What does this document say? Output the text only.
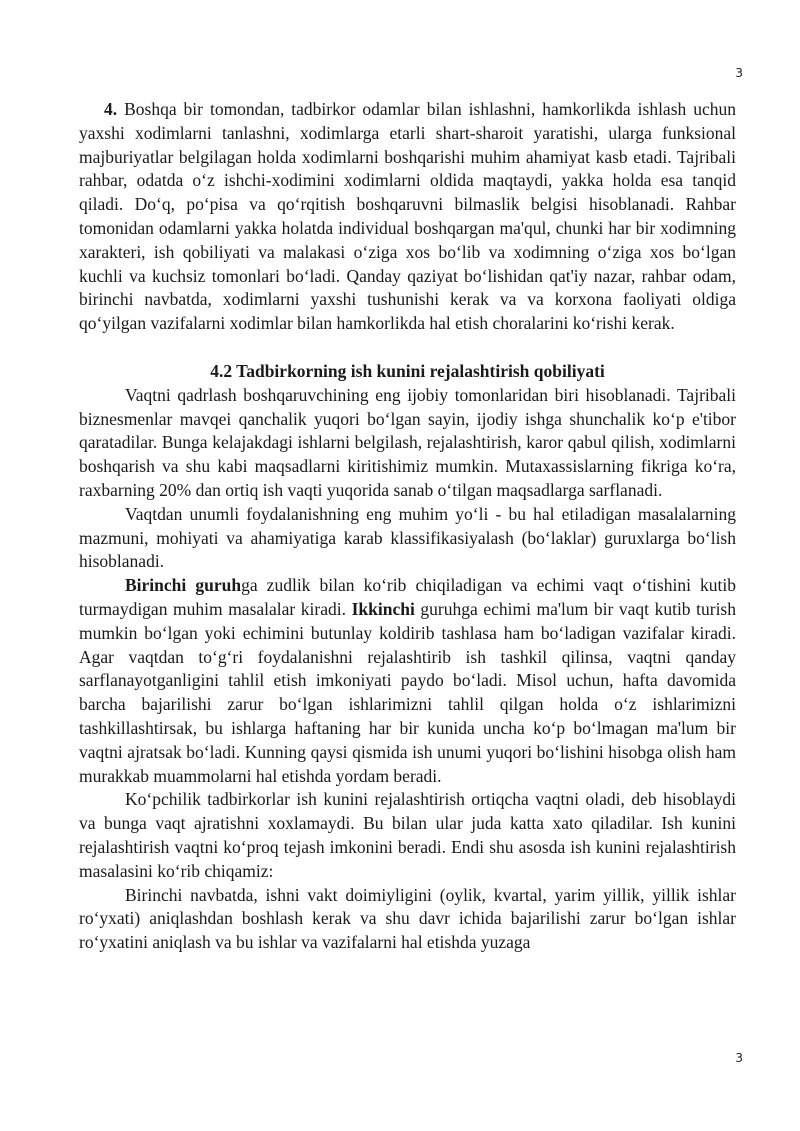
3

4. Boshqa bir tomondan, tadbirkor odamlar bilan ishlashni, hamkorlikda ishlash uchun yaxshi xodimlarni tanlashni, xodimlarga etarli shart-sharoit yaratishi, ularga funksional majburiyatlar belgilagan holda xodimlarni boshqarishi muhim ahamiyat kasb etadi. Tajribali rahbar, odatda oʻz ishchi-xodimini xodimlarni oldida maqtaydi, yakka holda esa tanqid qiladi. Doʻq, poʻpisa va qoʻrqitish boshqaruvni bilmaslik belgisi hisoblanadi. Rahbar tomonidan odamlarni yakka holatda individual boshqargan ma'qul, chunki har bir xodimning xarakteri, ish qobiliyati va malakasi oʻziga xos boʻlib va xodimning oʻziga xos boʻlgan kuchli va kuchsiz tomonlari boʻladi. Qanday qaziyat boʻlishidan qat'iy nazar, rahbar odam, birinchi navbatda, xodimlarni yaxshi tushunishi kerak va va korxona faoliyati oldiga qoʻyilgan vazifalarni xodimlar bilan hamkorlikda hal etish choralarini koʻrishi kerak.

4.2 Tadbirkorning ish kunini rejalashtirish qobiliyati

Vaqtni qadrlash boshqaruvchining eng ijobiy tomonlaridan biri hisoblanadi. Tajribali biznesmenlar mavqei qanchalik yuqori boʻlgan sayin, ijodiy ishga shunchalik koʻp e'tibor qaratadilar. Bunga kelajakdagi ishlarni belgilash, rejalashtirish, karor qabul qilish, xodimlarni boshqarish va shu kabi maqsadlarni kiritishimiz mumkin. Mutaxassislarning fikriga koʻra, raxbarning 20% dan ortiq ish vaqti yuqorida sanab oʻtilgan maqsadlarga sarflanadi.

Vaqtdan unumli foydalanishning eng muhim yoʻli - bu hal etiladigan masalalarning mazmuni, mohiyati va ahamiyatiga karab klassifikasiyalash (boʻlaklar) guruxlarga boʻlish hisoblanadi.

Birinchi guruhga zudlik bilan koʻrib chiqiladigan va echimi vaqt oʻtishini kutib turmaydigan muhim masalalar kiradi. Ikkinchi guruhga echimi ma'lum bir vaqt kutib turish mumkin boʻlgan yoki echimini butunlay koldirib tashlasa ham boʻladigan vazifalar kiradi. Agar vaqtdan toʻgʻri foydalanishni rejalashtirib ish tashkil qilinsa, vaqtni qanday sarflanayotganligini tahlil etish imkoniyati paydo boʻladi. Misol uchun, hafta davomida barcha bajarilishi zarur boʻlgan ishlarimizni tahlil qilgan holda oʻz ishlarimizni tashkillashtirsak, bu ishlarga haftaning har bir kunida uncha koʻp boʻlmagan ma'lum bir vaqtni ajratsak boʻladi. Kunning qaysi qismida ish unumi yuqori boʻlishini hisobga olish ham murakkab muammolarni hal etishda yordam beradi.

Koʻpchilik tadbirkorlar ish kunini rejalashtirish ortiqcha vaqtni oladi, deb hisoblaydi va bunga vaqt ajratishni xoxlamaydi. Bu bilan ular juda katta xato qiladilar. Ish kunini rejalashtirish vaqtni koʻproq tejash imkonini beradi. Endi shu asosda ish kunini rejalashtirish masalasini koʻrib chiqamiz:

Birinchi navbatda, ishni vakt doimiyligini (oylik, kvartal, yarim yillik, yillik ishlar roʻyxati) aniqlashdan boshlash kerak va shu davr ichida bajarilishi zarur boʻlgan ishlar roʻyxatini aniqlash va bu ishlar va vazifalarni hal etishda yuzaga

3
